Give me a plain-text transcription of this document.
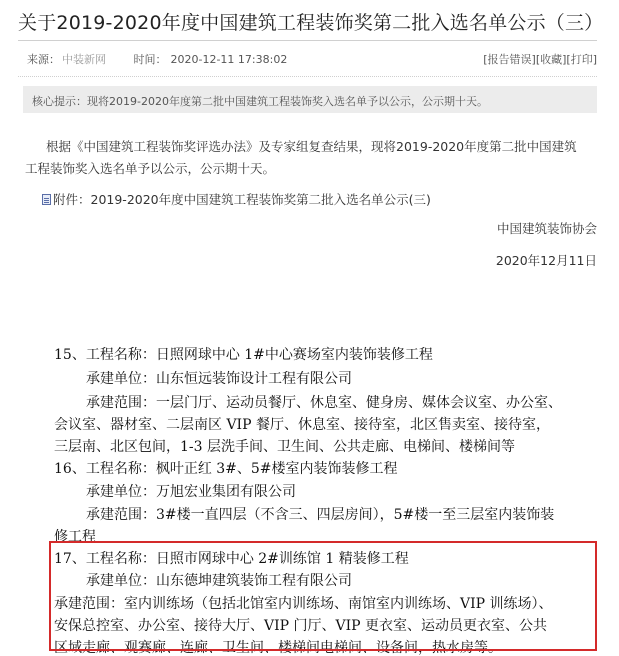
关于2019-2020年度中国建筑工程装饰奖第二批入选名单公示（三）
来源： 中装新网	时间： 2020-12-11 17:38:02	[报告错误][收藏][打印]
核心提示：现将2019-2020年度第二批中国建筑工程装饰奖入选名单予以公示，公示期十天。
根据《中国建筑工程装饰奖评选办法》及专家组复查结果，现将2019-2020年度第二批中国建筑
工程装饰奖入选名单予以公示，公示期十天。
附件：2019-2020年度中国建筑工程装饰奖第二批入选名单公示(三)
中国建筑装饰协会
2020年12月11日
15、工程名称：日照网球中心 1#中心赛场室内装饰装修工程
承建单位：山东恒远装饰设计工程有限公司
承建范围：一层门厅、运动员餐厅、休息室、健身房、媒体会议室、办公室、
会议室、器材室、二层南区 VIP 餐厅、休息室、接待室，北区售卖室、接待室，
三层南、北区包间，1-3 层洗手间、卫生间、公共走廊、电梯间、楼梯间等
16、工程名称：枫叶正红 3#、5#楼室内装饰装修工程
承建单位：万旭宏业集团有限公司
承建范围：3#楼一直四层（不含三、四层房间），5#楼一至三层室内装饰装
修工程
17、工程名称：日照市网球中心 2#训练馆 1 精装修工程
承建单位：山东德坤建筑装饰工程有限公司
承建范围：室内训练场（包括北馆室内训练场、南馆室内训练场、VIP 训练场）、
安保总控室、办公室、接待大厅、VIP 门厅、VIP 更衣室、运动员更衣室、公共
区域走廊、观赛廊、连廊、卫生间、楼梯间电梯间、设备间，热水房等。
